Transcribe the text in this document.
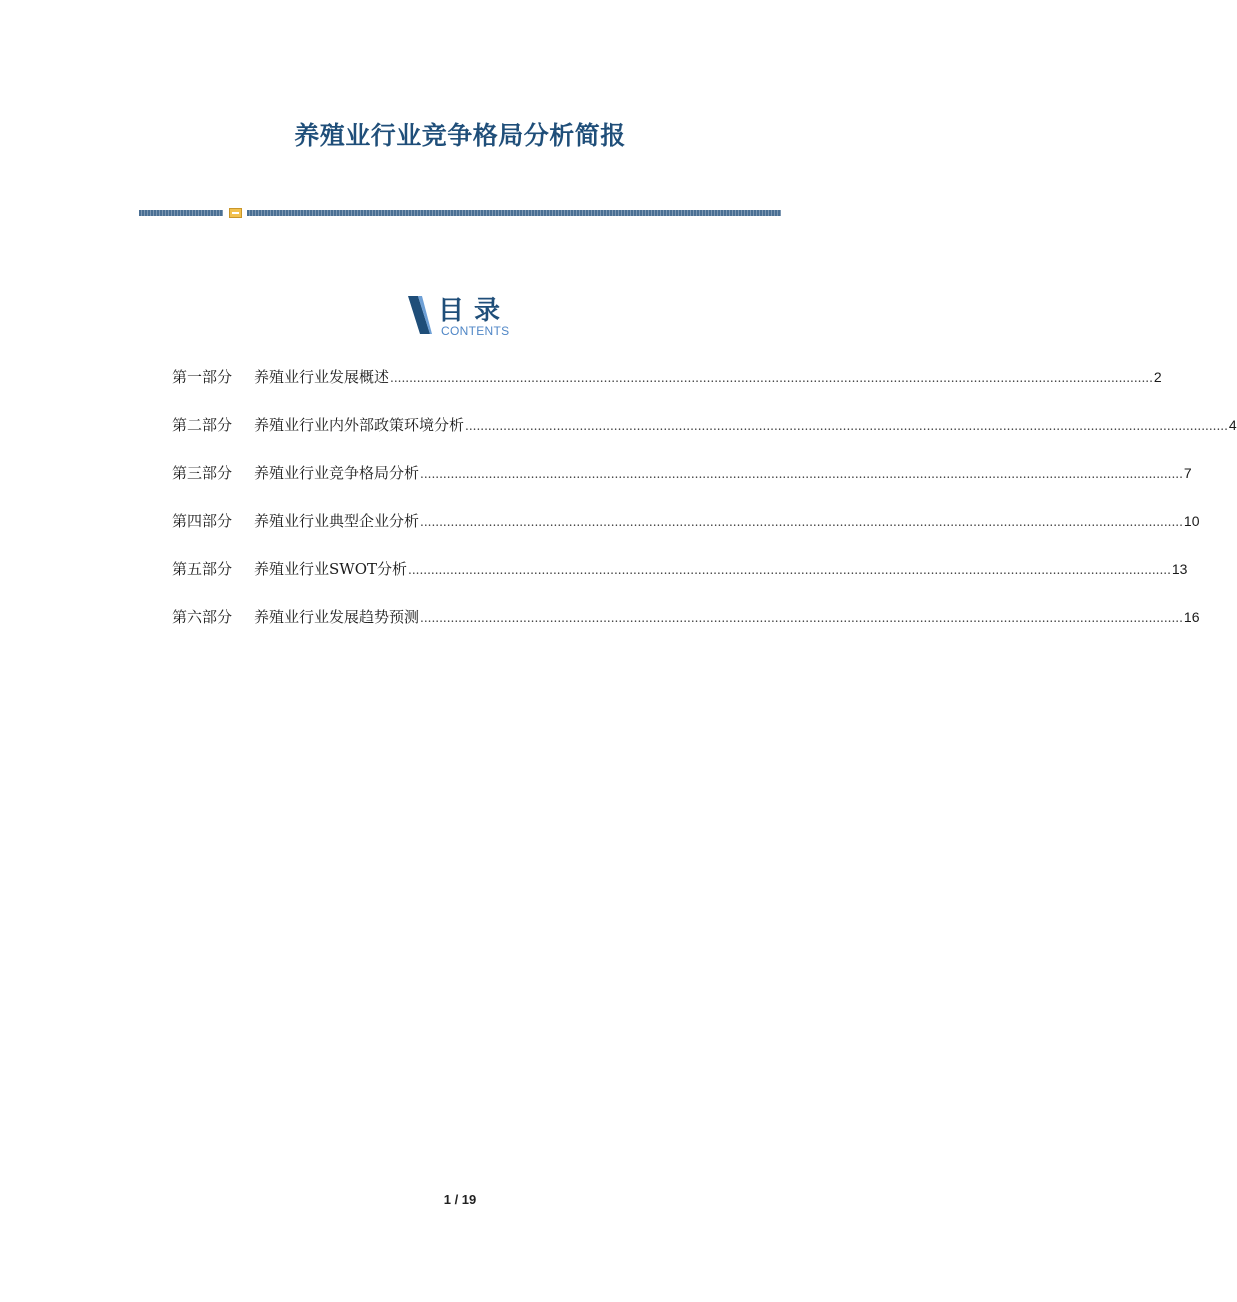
养殖业行业竞争格局分析简报
目录
CONTENTS
第一部分	养殖业行业发展概述 ........................................................................................................................................................................................................ 2
第二部分	养殖业行业内外部政策环境分析 ........................................................................................................................................................................................................ 4
第三部分	养殖业行业竞争格局分析 ........................................................................................................................................................................................................ 7
第四部分	养殖业行业典型企业分析 ........................................................................................................................................................................................................ 10
第五部分	养殖业行业SWOT分析 ........................................................................................................................................................................................................ 13
第六部分	养殖业行业发展趋势预测 ........................................................................................................................................................................................................ 16
1 / 19
